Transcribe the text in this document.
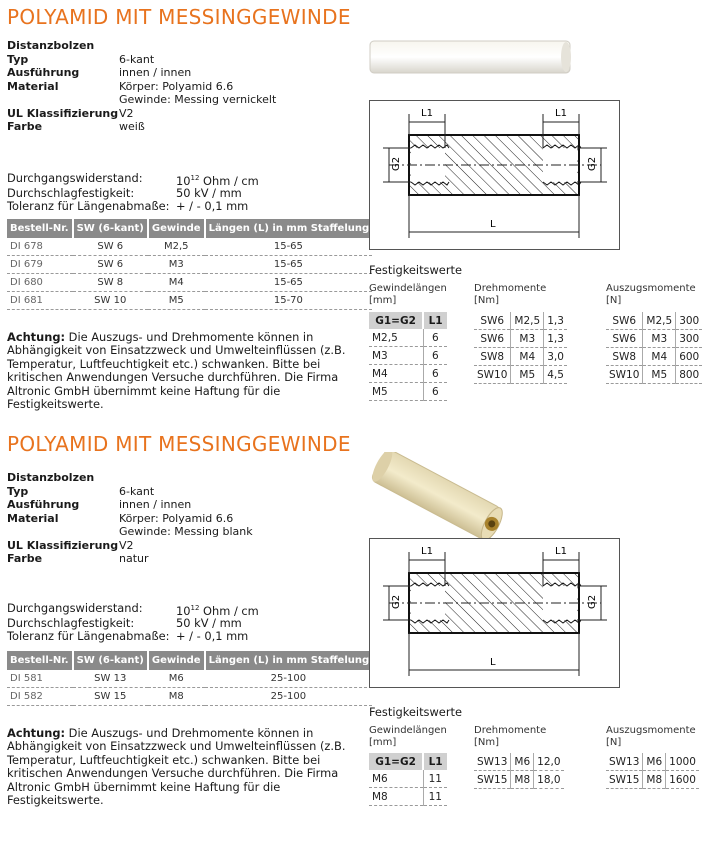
POLYAMID MIT MESSINGGEWINDE
Distanzbolzen
Typ	6-kant
Ausführung	innen / innen
Material	Körper: Polyamid 6.6
Gewinde: Messing vernickelt
UL Klassifizierung V2
Farbe	weiß
Durchgangswiderstand:	$10^{12}$ Ohm / cm
Durchschlagfestigkeit:	50 kV / mm
Toleranz für Längenabmaße: + / - 0,1 mm
Bestell-Nr.	SW (6-kant)	Gewinde	Längen (L) in mm Staffelung
DI 678	SW 6	M2,5	15-65
DI 679	SW 6	M3	15-65
DI 680	SW 8	M4	15-65
DI 681	SW 10	M5	15-70
Achtung: Die Auszugs- und Drehmomente können in Abhängigkeit von Einsatzzweck und Umwelteinflüssen (z.B. Temperatur, Luftfeuchtigkeit etc.) schwanken. Bitte bei kritischen Anwendungen Versuche durchführen. Die Firma Altronic GmbH übernimmt keine Haftung für die Festigkeitswerte.
L1	L1
L
G2	G2
Festigkeitswerte
Gewindelängen
[mm]
Drehmomente
[Nm]
Auszugsmomente
[N]
G1=G2	L1
M2,5	6
M3	6
M4	6
M5	6
SW6	M2,5	1,3
SW6	M3	1,3
SW8	M4	3,0
SW10	M5	4,5
SW6	M2,5	300
SW6	M3	300
SW8	M4	600
SW10	M5	800
POLYAMID MIT MESSINGGEWINDE
Distanzbolzen
Typ	6-kant
Ausführung	innen / innen
Material	Körper: Polyamid 6.6
Gewinde: Messing blank
UL Klassifizierung V2
Farbe	natur
Durchgangswiderstand:	$10^{12}$ Ohm / cm
Durchschlagfestigkeit:	50 kV / mm
Toleranz für Längenabmaße: + / - 0,1 mm
Bestell-Nr.	SW (6-kant)	Gewinde	Längen (L) in mm Staffelung
DI 581	SW 13	M6	25-100
DI 582	SW 15	M8	25-100
Achtung: Die Auszugs- und Drehmomente können in Abhängigkeit von Einsatzzweck und Umwelteinflüssen (z.B. Temperatur, Luftfeuchtigkeit etc.) schwanken. Bitte bei kritischen Anwendungen Versuche durchführen. Die Firma Altronic GmbH übernimmt keine Haftung für die Festigkeitswerte.
L1	L1
L
G2	G2
Festigkeitswerte
Gewindelängen
[mm]
Drehmomente
[Nm]
Auszugsmomente
[N]
G1=G2	L1
M6	11
M8	11
SW13	M6	12,0
SW15	M8	18,0
SW13	M6	1000
SW15	M8	1600
